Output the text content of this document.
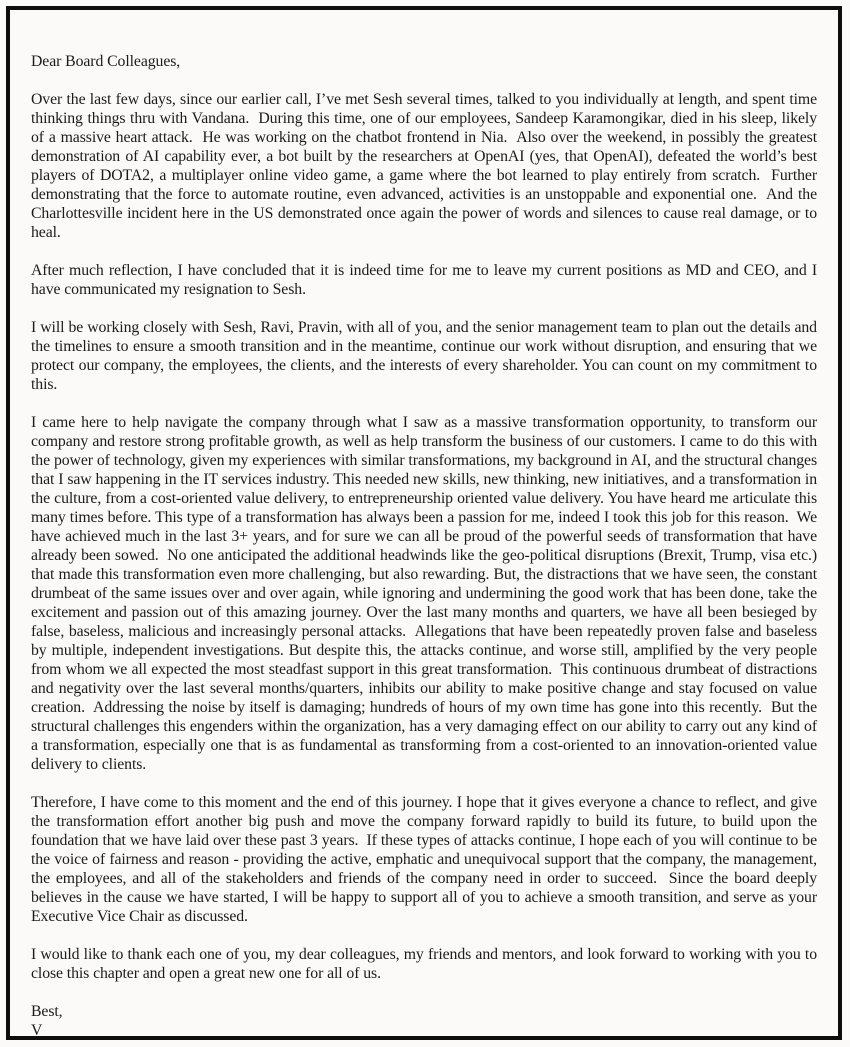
Dear Board Colleagues,

Over the last few days, since our earlier call, I’ve met Sesh several times, talked to you individually at length, and spent time thinking things thru with Vandana.  During this time, one of our employees, Sandeep Karamongikar, died in his sleep, likely of a massive heart attack.  He was working on the chatbot frontend in Nia.  Also over the weekend, in possibly the greatest demonstration of AI capability ever, a bot built by the researchers at OpenAI (yes, that OpenAI), defeated the world’s best players of DOTA2, a multiplayer online video game, a game where the bot learned to play entirely from scratch.  Further demonstrating that the force to automate routine, even advanced, activities is an unstoppable and exponential one.  And the Charlottesville incident here in the US demonstrated once again the power of words and silences to cause real damage, or to heal.

After much reflection, I have concluded that it is indeed time for me to leave my current positions as MD and CEO, and I have communicated my resignation to Sesh.

I will be working closely with Sesh, Ravi, Pravin, with all of you, and the senior management team to plan out the details and the timelines to ensure a smooth transition and in the meantime, continue our work without disruption, and ensuring that we protect our company, the employees, the clients, and the interests of every shareholder. You can count on my commitment to this.

I came here to help navigate the company through what I saw as a massive transformation opportunity, to transform our company and restore strong profitable growth, as well as help transform the business of our customers. I came to do this with the power of technology, given my experiences with similar transformations, my background in AI, and the structural changes that I saw happening in the IT services industry. This needed new skills, new thinking, new initiatives, and a transformation in the culture, from a cost-oriented value delivery, to entrepreneurship oriented value delivery. You have heard me articulate this many times before. This type of a transformation has always been a passion for me, indeed I took this job for this reason.  We have achieved much in the last 3+ years, and for sure we can all be proud of the powerful seeds of transformation that have already been sowed.  No one anticipated the additional headwinds like the geo-political disruptions (Brexit, Trump, visa etc.) that made this transformation even more challenging, but also rewarding. But, the distractions that we have seen, the constant drumbeat of the same issues over and over again, while ignoring and undermining the good work that has been done, take the excitement and passion out of this amazing journey. Over the last many months and quarters, we have all been besieged by false, baseless, malicious and increasingly personal attacks.  Allegations that have been repeatedly proven false and baseless by multiple, independent investigations. But despite this, the attacks continue, and worse still, amplified by the very people from whom we all expected the most steadfast support in this great transformation.  This continuous drumbeat of distractions and negativity over the last several months/quarters, inhibits our ability to make positive change and stay focused on value creation.  Addressing the noise by itself is damaging; hundreds of hours of my own time has gone into this recently.  But the structural challenges this engenders within the organization, has a very damaging effect on our ability to carry out any kind of a transformation, especially one that is as fundamental as transforming from a cost-oriented to an innovation-oriented value delivery to clients.

Therefore, I have come to this moment and the end of this journey. I hope that it gives everyone a chance to reflect, and give the transformation effort another big push and move the company forward rapidly to build its future, to build upon the foundation that we have laid over these past 3 years.  If these types of attacks continue, I hope each of you will continue to be the voice of fairness and reason - providing the active, emphatic and unequivocal support that the company, the management, the employees, and all of the stakeholders and friends of the company need in order to succeed.  Since the board deeply believes in the cause we have started, I will be happy to support all of you to achieve a smooth transition, and serve as your Executive Vice Chair as discussed.

I would like to thank each one of you, my dear colleagues, my friends and mentors, and look forward to working with you to close this chapter and open a great new one for all of us.

Best,

V
